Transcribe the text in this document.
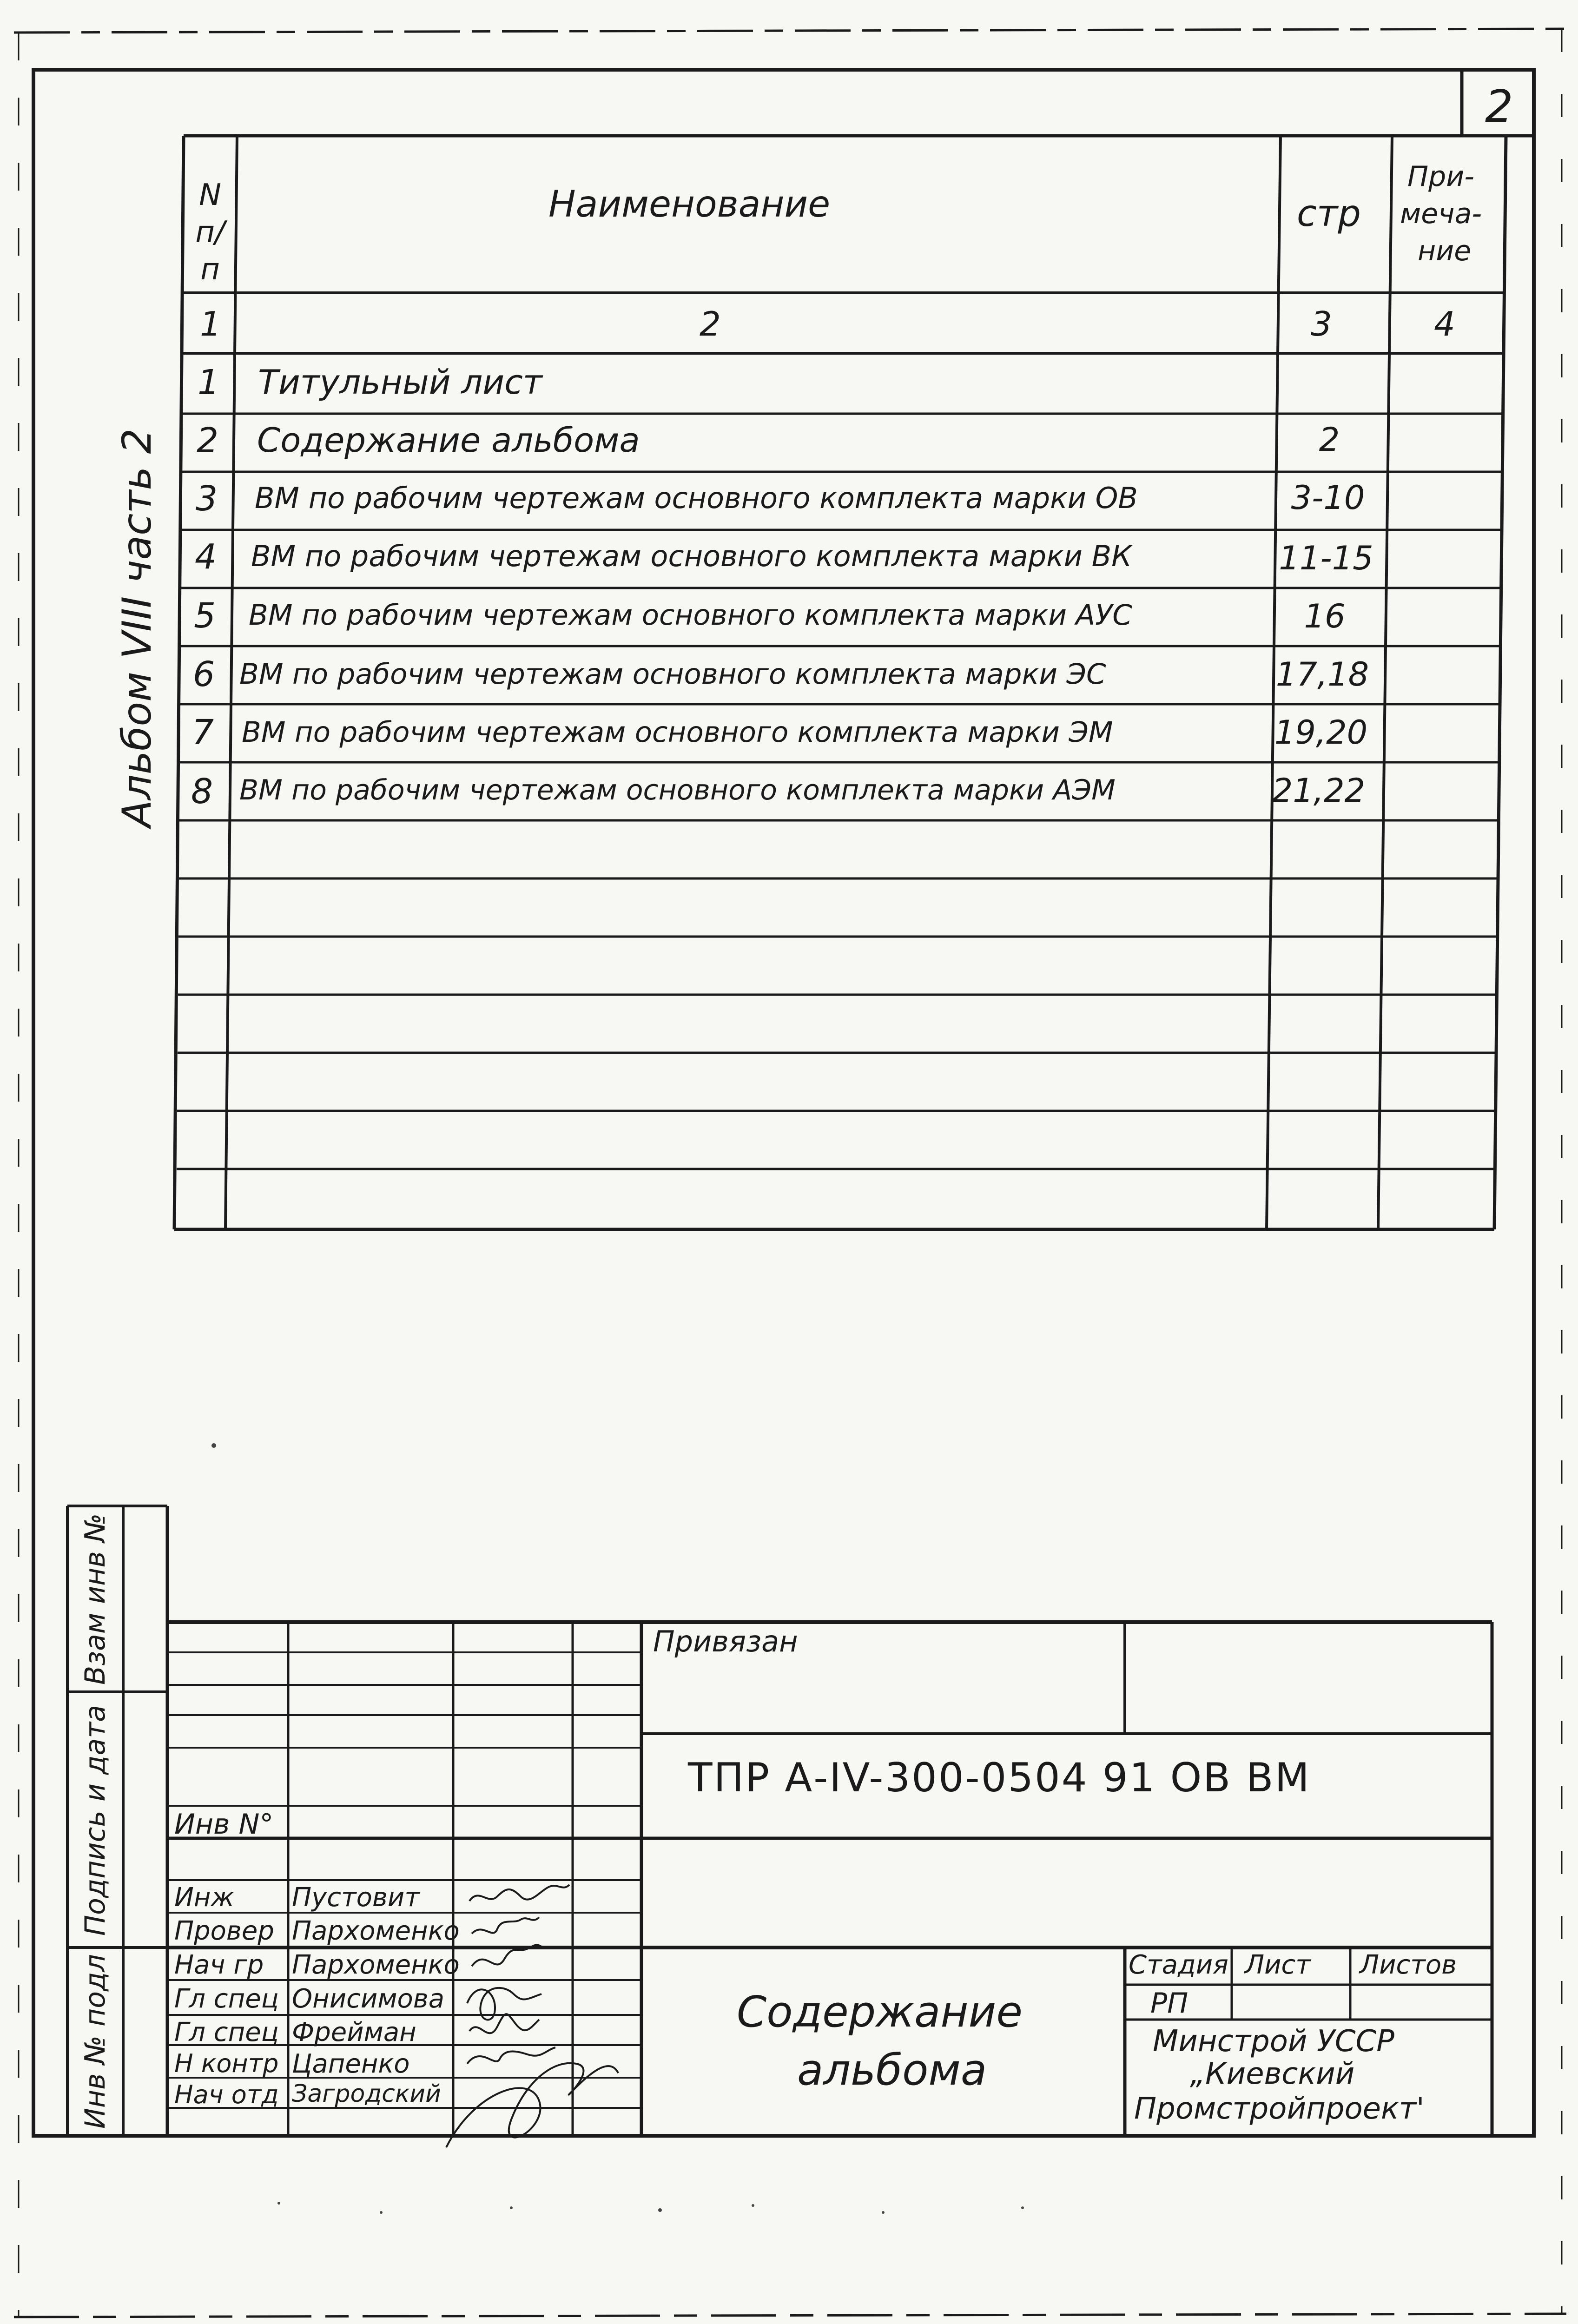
2
N п/п
Наименование	стр
При-
меча-
ние
1	2	3	4
1 Титульный лист
2 Содержание альбома	2
3 ВМ по рабочим чертежам основного комплекта марки ОВ	3-10
4 ВМ по рабочим чертежам основного комплекта марки ВК	11-15
5 ВМ по рабочим чертежам основного комплекта марки АУС	16
6 ВМ по рабочим чертежам основного комплекта марки ЭС	17,18
7 ВМ по рабочим чертежам основного комплекта марки ЭМ	19,20
8 ВМ по рабочим чертежам основного комплекта марки АЭМ	21,22
Альбом VIII часть 2
Взам инв №
Подпись и дата
Инв № подл
Привязан
ТПР А-IV-300-0504 91 ОВ ВМ
Инв N°
Инж Пустовит
Провер Пархоменко
Нач гр Пархоменко
Гл спец Онисимова
Гл спец Фрейман
Н контр Цапенко
Нач отд Загродский
Содержание
альбома
Стадия Лист Листов
РП
Минстрой УССР
„Киевский
Промстройпроект'
